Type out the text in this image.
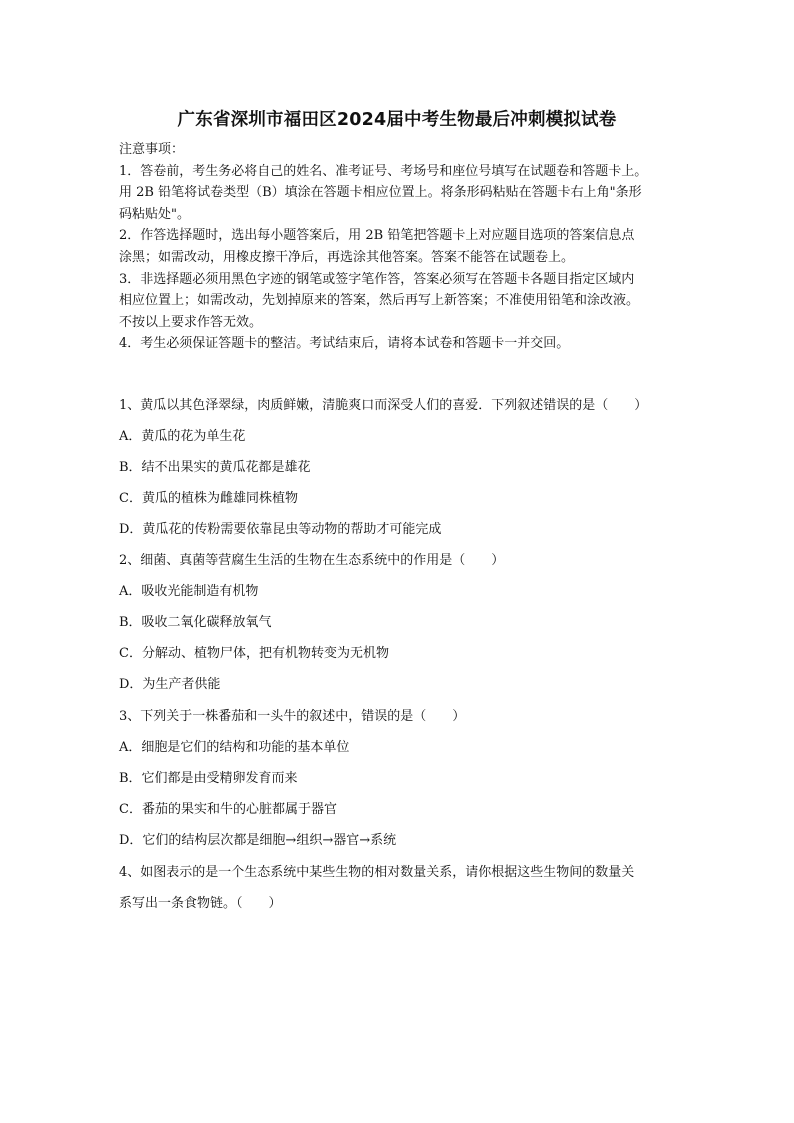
广东省深圳市福田区2024届中考生物最后冲刺模拟试卷
注意事项：
1．答卷前，考生务必将自己的姓名、准考证号、考场号和座位号填写在试题卷和答题卡上。
用 2B 铅笔将试卷类型（B）填涂在答题卡相应位置上。将条形码粘贴在答题卡右上角"条形
码粘贴处"。
2．作答选择题时，选出每小题答案后，用 2B 铅笔把答题卡上对应题目选项的答案信息点
涂黑；如需改动，用橡皮擦干净后，再选涂其他答案。答案不能答在试题卷上。
3．非选择题必须用黑色字迹的钢笔或签字笔作答，答案必须写在答题卡各题目指定区域内
相应位置上；如需改动，先划掉原来的答案，然后再写上新答案；不准使用铅笔和涂改液。
不按以上要求作答无效。
4．考生必须保证答题卡的整洁。考试结束后，请将本试卷和答题卡一并交回。
1、黄瓜以其色泽翠绿，肉质鲜嫩，清脆爽口而深受人们的喜爱．下列叙述错误的是（　　）
A．黄瓜的花为单生花
B．结不出果实的黄瓜花都是雄花
C．黄瓜的植株为雌雄同株植物
D．黄瓜花的传粉需要依靠昆虫等动物的帮助才可能完成
2、细菌、真菌等营腐生生活的生物在生态系统中的作用是（　　）
A．吸收光能制造有机物
B．吸收二氧化碳释放氧气
C．分解动、植物尸体，把有机物转变为无机物
D．为生产者供能
3、下列关于一株番茄和一头牛的叙述中，错误的是（　　）
A．细胞是它们的结构和功能的基本单位
B．它们都是由受精卵发育而来
C．番茄的果实和牛的心脏都属于器官
D．它们的结构层次都是细胞→组织→器官→系统
4、如图表示的是一个生态系统中某些生物的相对数量关系，请你根据这些生物间的数量关
系写出一条食物链。（　　）
